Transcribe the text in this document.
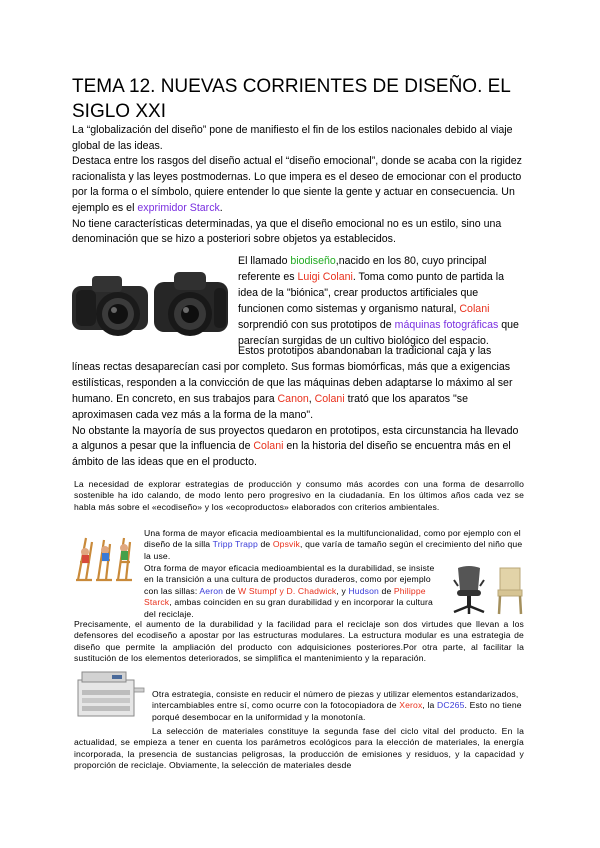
TEMA 12. NUEVAS CORRIENTES DE DISEÑO. EL SIGLO XXI
La “globalización del diseño” pone de manifiesto el fin de los estilos nacionales debido al viaje global de las ideas.
Destaca entre los rasgos del diseño actual el “diseño emocional”, donde se acaba con la rigidez racionalista y las leyes postmodernas. Lo que impera es el deseo de emocionar con el producto por la forma o el símbolo, quiere entender lo que siente la gente y actuar en consecuencia. Un ejemplo es el exprimidor Starck.
No tiene características determinadas, ya que el diseño emocional no es un estilo, sino una denominación que se hizo a posteriori sobre objetos ya establecidos.
El llamado biodiseño,nacido en los 80, cuyo principal referente es Luigi Colani. Toma como punto de partida la idea de la "biónica", crear productos artificiales que funcionen como sistemas y organismo natural, Colani sorprendió con sus prototipos de máquinas fotográficas que parecían surgidas de un cultivo biológico del espacio.
Estos prototipos abandonaban la tradicional caja y las
líneas rectas desaparecían casi por completo. Sus formas biomórficas, más que a exigencias estilísticas, responden a la convicción de que las máquinas deben adaptarse lo máximo al ser humano. En concreto, en sus trabajos para Canon, Colani trató que los aparatos "se aproximasen cada vez más a la forma de la mano".
No obstante la mayoría de sus proyectos quedaron en prototipos, esta circunstancia ha llevado a algunos a pesar que la influencia de Colani en la historia del diseño se encuentra más en el ámbito de las ideas que en el producto.
La necesidad de explorar estrategias de producción y consumo más acordes con una forma de desarrollo sostenible ha ido calando, de modo lento pero progresivo en la ciudadanía. En los últimos años cada vez se habla más sobre el «ecodiseño» y los «ecoproductos» elaborados con criterios ambientales.
Una forma de mayor eficacia medioambiental es la multifuncionalidad, como por ejemplo con el diseño de la silla Tripp Trapp de Opsvik, que varía de tamaño según el crecimiento del niño que la use.
Otra forma de mayor eficacia medioambiental es la durabilidad, se insiste en la transición a una cultura de productos duraderos, como por ejemplo con las sillas: Aeron de W Stumpf y D. Chadwick, y Hudson de Philippe Starck, ambas coinciden en su gran durabilidad y en incorporar la cultura del reciclaje.
Precisamente, el aumento de la durabilidad y la facilidad para el reciclaje son dos virtudes que llevan a los defensores del ecodiseño a apostar por las estructuras modulares. La estructura modular es una estrategia de diseño que permite la ampliación del producto con adquisiciones posteriores.Por otra parte, al facilitar la sustitución de los elementos deteriorados, se simplifica el mantenimiento y la reparación.
Otra estrategia, consiste en reducir el número de piezas y utilizar elementos estandarizados, intercambiables entre sí, como ocurre con la fotocopiadora de Xerox, la DC265. Esto no tiene porqué desembocar en la uniformidad y la monotonía.
La selección de materiales constituye la segunda fase del ciclo vital del producto. En la actualidad, se empieza a tener en cuenta los parámetros ecológicos para la elección de materiales, la energía incorporada, la presencia de sustancias peligrosas, la producción de emisiones y residuos, y la capacidad y proporción de reciclaje. Obviamente, la selección de materiales desde
